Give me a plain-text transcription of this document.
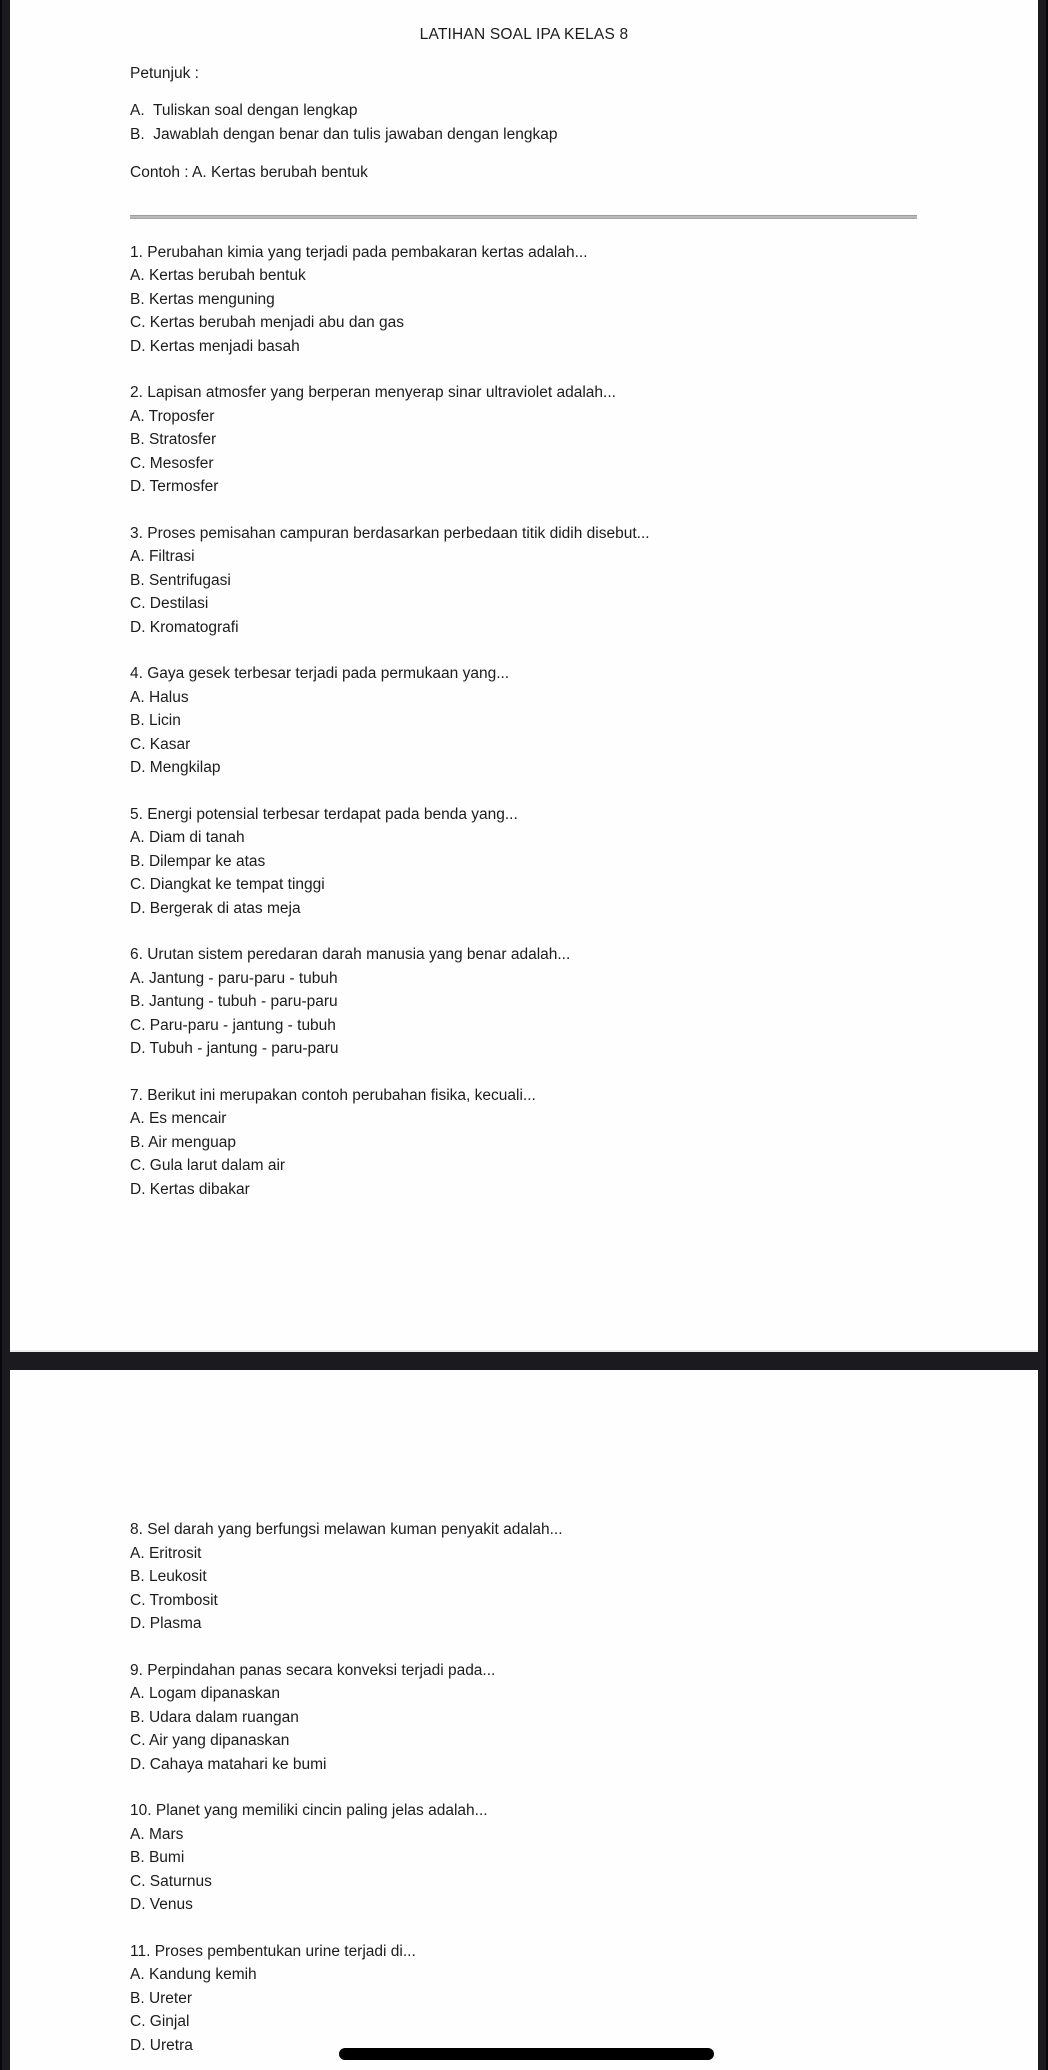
LATIHAN SOAL IPA KELAS 8
Petunjuk :
A.  Tuliskan soal dengan lengkap
B.  Jawablah dengan benar dan tulis jawaban dengan lengkap
Contoh : A. Kertas berubah bentuk
1. Perubahan kimia yang terjadi pada pembakaran kertas adalah...
A. Kertas berubah bentuk
B. Kertas menguning
C. Kertas berubah menjadi abu dan gas
D. Kertas menjadi basah
2. Lapisan atmosfer yang berperan menyerap sinar ultraviolet adalah...
A. Troposfer
B. Stratosfer
C. Mesosfer
D. Termosfer
3. Proses pemisahan campuran berdasarkan perbedaan titik didih disebut...
A. Filtrasi
B. Sentrifugasi
C. Destilasi
D. Kromatografi
4. Gaya gesek terbesar terjadi pada permukaan yang...
A. Halus
B. Licin
C. Kasar
D. Mengkilap
5. Energi potensial terbesar terdapat pada benda yang...
A. Diam di tanah
B. Dilempar ke atas
C. Diangkat ke tempat tinggi
D. Bergerak di atas meja
6. Urutan sistem peredaran darah manusia yang benar adalah...
A. Jantung - paru-paru - tubuh
B. Jantung - tubuh - paru-paru
C. Paru-paru - jantung - tubuh
D. Tubuh - jantung - paru-paru
7. Berikut ini merupakan contoh perubahan fisika, kecuali...
A. Es mencair
B. Air menguap
C. Gula larut dalam air
D. Kertas dibakar
8. Sel darah yang berfungsi melawan kuman penyakit adalah...
A. Eritrosit
B. Leukosit
C. Trombosit
D. Plasma
9. Perpindahan panas secara konveksi terjadi pada...
A. Logam dipanaskan
B. Udara dalam ruangan
C. Air yang dipanaskan
D. Cahaya matahari ke bumi
10. Planet yang memiliki cincin paling jelas adalah...
A. Mars
B. Bumi
C. Saturnus
D. Venus
11. Proses pembentukan urine terjadi di...
A. Kandung kemih
B. Ureter
C. Ginjal
D. Uretra
